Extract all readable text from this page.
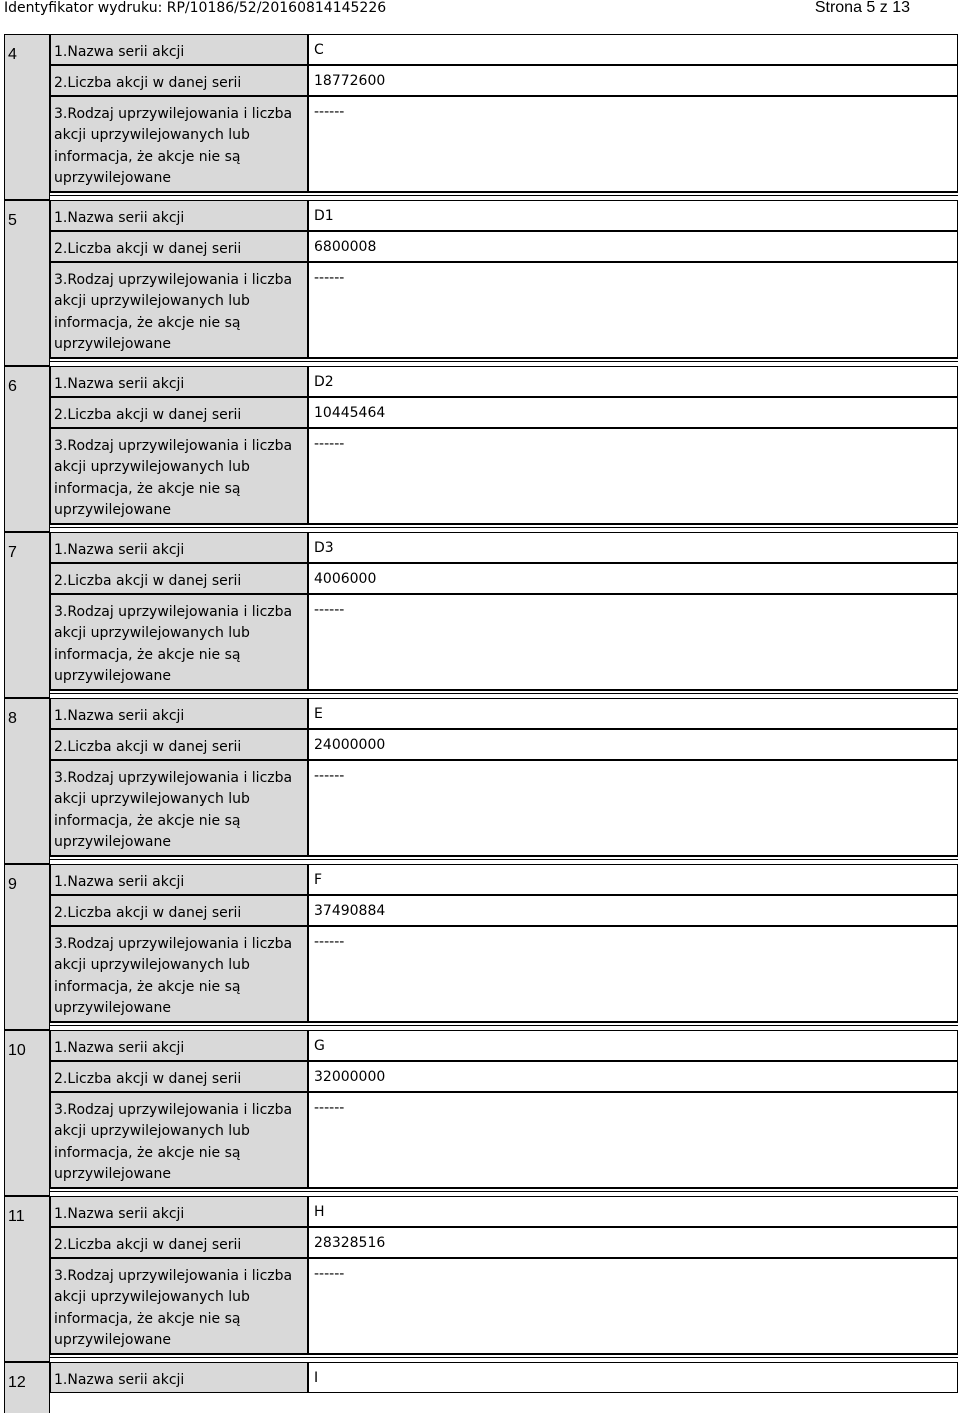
Identyfikator wydruku: RP/10186/52/20160814145226	Strona 5 z 13
4	1.Nazwa serii akcji	C
2.Liczba akcji w danej serii	18772600
3.Rodzaj uprzywilejowania i liczba akcji uprzywilejowanych lub informacja, że akcje nie są uprzywilejowane
------
5	1.Nazwa serii akcji	D1
2.Liczba akcji w danej serii	6800008
3.Rodzaj uprzywilejowania i liczba akcji uprzywilejowanych lub informacja, że akcje nie są uprzywilejowane
------
6	1.Nazwa serii akcji	D2
2.Liczba akcji w danej serii	10445464
3.Rodzaj uprzywilejowania i liczba akcji uprzywilejowanych lub informacja, że akcje nie są uprzywilejowane
------
7	1.Nazwa serii akcji	D3
2.Liczba akcji w danej serii	4006000
3.Rodzaj uprzywilejowania i liczba akcji uprzywilejowanych lub informacja, że akcje nie są uprzywilejowane
------
8	1.Nazwa serii akcji	E
2.Liczba akcji w danej serii	24000000
3.Rodzaj uprzywilejowania i liczba akcji uprzywilejowanych lub informacja, że akcje nie są uprzywilejowane
------
9	1.Nazwa serii akcji	F
2.Liczba akcji w danej serii	37490884
3.Rodzaj uprzywilejowania i liczba akcji uprzywilejowanych lub informacja, że akcje nie są uprzywilejowane
------
10 1.Nazwa serii akcji	G
2.Liczba akcji w danej serii	32000000
3.Rodzaj uprzywilejowania i liczba akcji uprzywilejowanych lub informacja, że akcje nie są uprzywilejowane
------
11 1.Nazwa serii akcji	H
2.Liczba akcji w danej serii	28328516
3.Rodzaj uprzywilejowania i liczba akcji uprzywilejowanych lub informacja, że akcje nie są uprzywilejowane
------
12 1.Nazwa serii akcji	I
